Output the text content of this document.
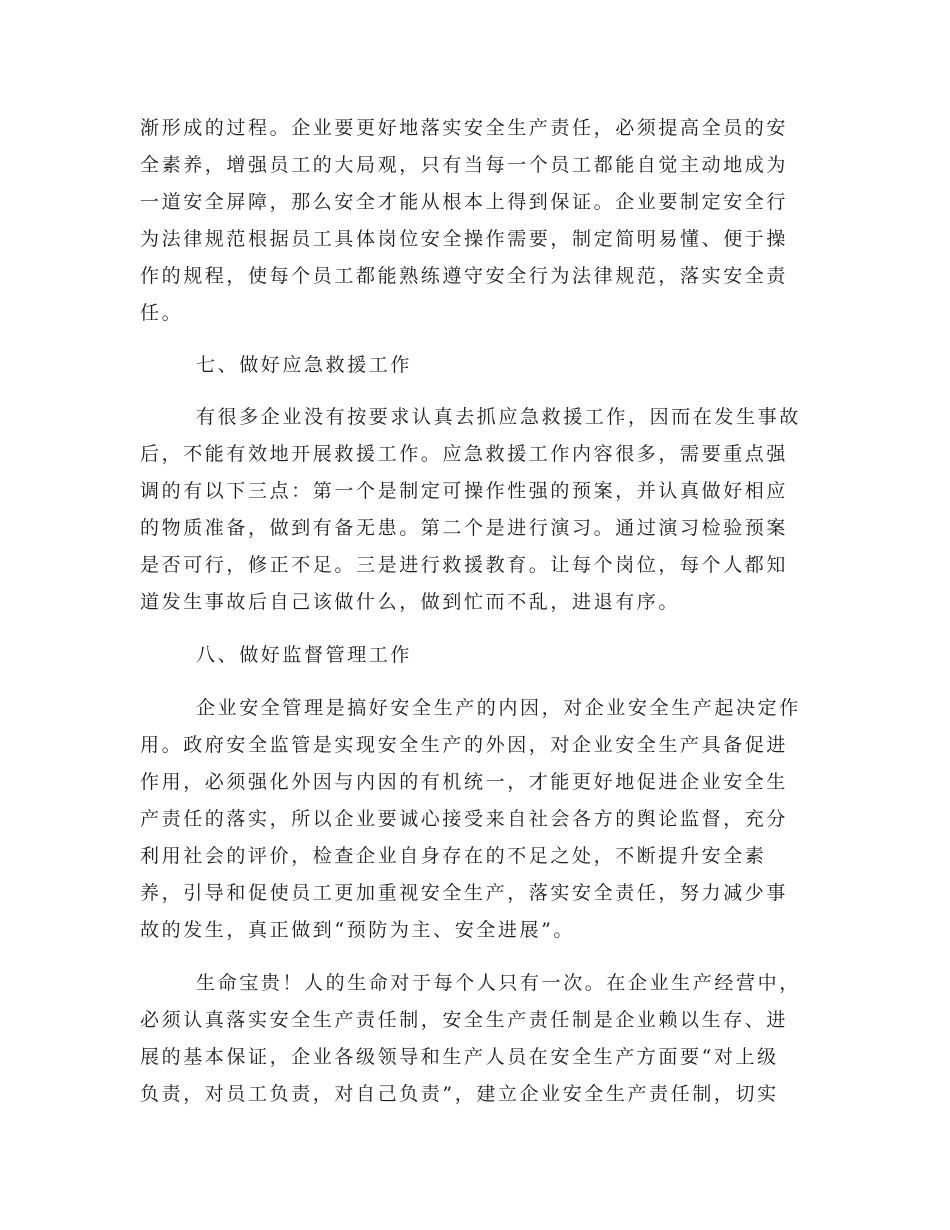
渐形成的过程。企业要更好地落实安全生产责任，必须提高全员的安
全素养，增强员工的大局观，只有当每一个员工都能自觉主动地成为
一道安全屏障，那么安全才能从根本上得到保证。企业要制定安全行
为法律规范根据员工具体岗位安全操作需要，制定简明易懂、便于操
作的规程，使每个员工都能熟练遵守安全行为法律规范，落实安全责
任。
七、做好应急救援工作
有很多企业没有按要求认真去抓应急救援工作，因而在发生事故
后，不能有效地开展救援工作。应急救援工作内容很多，需要重点强
调的有以下三点：第一个是制定可操作性强的预案，并认真做好相应
的物质准备，做到有备无患。第二个是进行演习。通过演习检验预案
是否可行，修正不足。三是进行救援教育。让每个岗位，每个人都知
道发生事故后自己该做什么，做到忙而不乱，进退有序。
八、做好监督管理工作
企业安全管理是搞好安全生产的内因，对企业安全生产起决定作
用。政府安全监管是实现安全生产的外因，对企业安全生产具备促进
作用，必须强化外因与内因的有机统一，才能更好地促进企业安全生
产责任的落实，所以企业要诚心接受来自社会各方的舆论监督，充分
利用社会的评价，检查企业自身存在的不足之处，不断提升安全素
养，引导和促使员工更加重视安全生产，落实安全责任，努力减少事
故的发生，真正做到“预防为主、安全进展”。
生命宝贵！人的生命对于每个人只有一次。在企业生产经营中，
必须认真落实安全生产责任制，安全生产责任制是企业赖以生存、进
展的基本保证，企业各级领导和生产人员在安全生产方面要“对上级
负责，对员工负责，对自己负责”，建立企业安全生产责任制，切实
